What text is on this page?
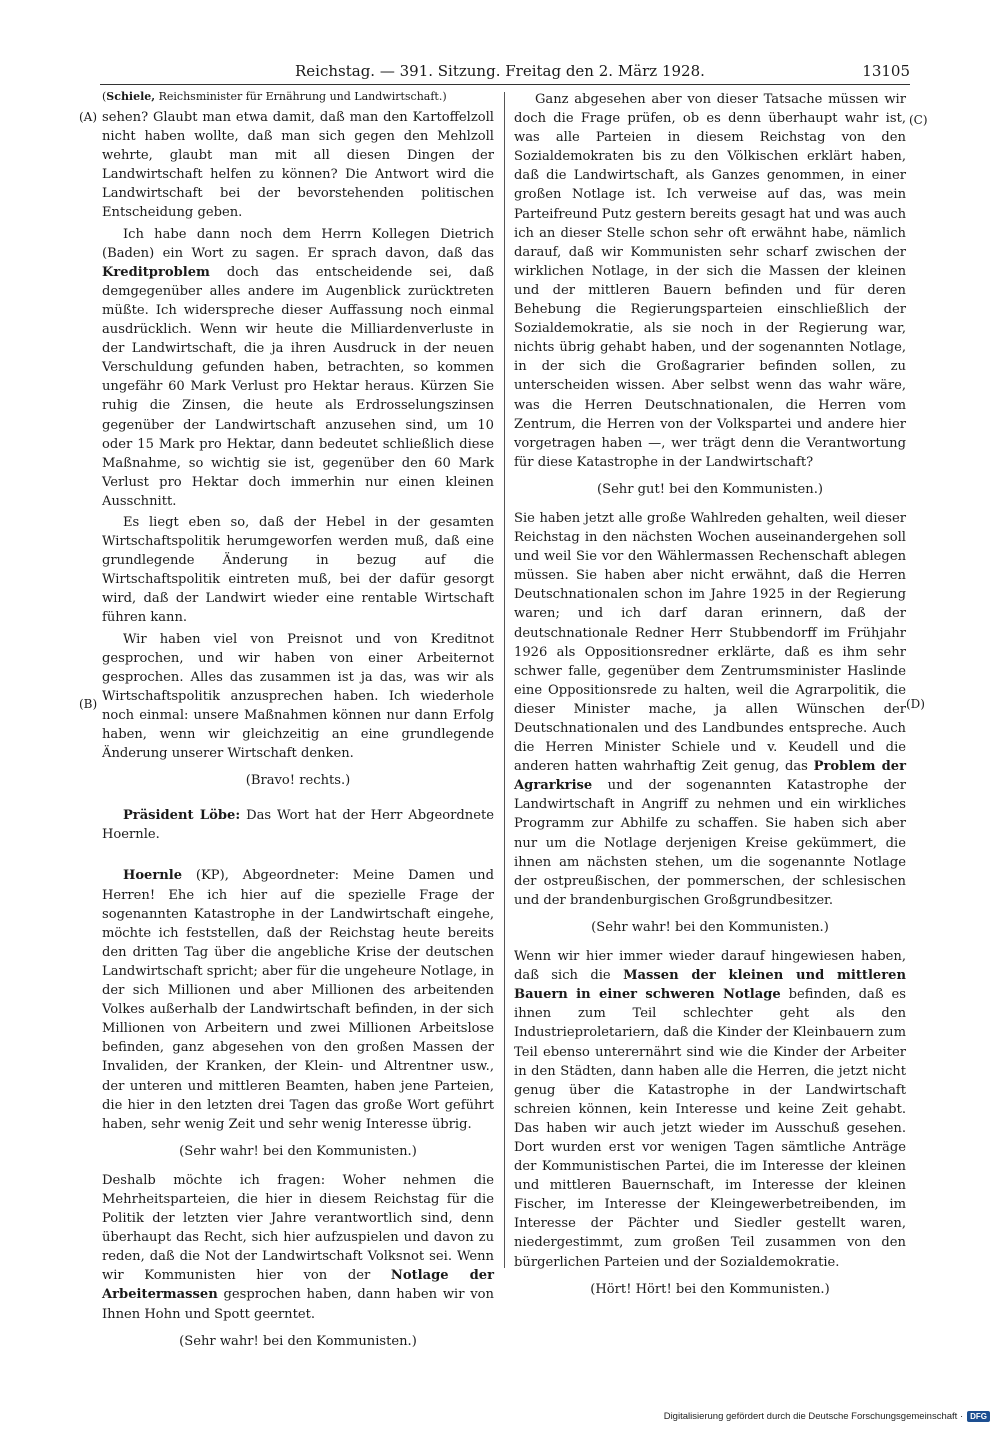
Reichstag. — 391. Sitzung. Freitag den 2. März 1928.	13105
(A)
(B)
(C)
(D)

(Schiele, Reichsminister für Ernährung und Landwirtschaft.)

sehen? Glaubt man etwa damit, daß man den Kartoffelzoll nicht haben wollte, daß man sich gegen den Mehlzoll wehrte, glaubt man mit all diesen Dingen der Landwirtschaft helfen zu können? Die Antwort wird die Landwirtschaft bei der bevorstehenden politischen Entscheidung geben.

Ich habe dann noch dem Herrn Kollegen Dietrich (Baden) ein Wort zu sagen. Er sprach davon, daß das Kreditproblem doch das entscheidende sei, daß demgegenüber alles andere im Augenblick zurücktreten müßte. Ich widerspreche dieser Auffassung noch einmal ausdrücklich. Wenn wir heute die Milliardenverluste in der Landwirtschaft, die ja ihren Ausdruck in der neuen Verschuldung gefunden haben, betrachten, so kommen ungefähr 60 Mark Verlust pro Hektar heraus. Kürzen Sie ruhig die Zinsen, die heute als Erdrosselungszinsen gegenüber der Landwirtschaft anzusehen sind, um 10 oder 15 Mark pro Hektar, dann bedeutet schließlich diese Maßnahme, so wichtig sie ist, gegenüber den 60 Mark Verlust pro Hektar doch immerhin nur einen kleinen Ausschnitt.

Es liegt eben so, daß der Hebel in der gesamten Wirtschaftspolitik herumgeworfen werden muß, daß eine grundlegende Änderung in bezug auf die Wirtschaftspolitik eintreten muß, bei der dafür gesorgt wird, daß der Landwirt wieder eine rentable Wirtschaft führen kann.

Wir haben viel von Preisnot und von Kreditnot gesprochen, und wir haben von einer Arbeiternot gesprochen. Alles das zusammen ist ja das, was wir als Wirtschaftspolitik anzusprechen haben. Ich wiederhole noch einmal: unsere Maßnahmen können nur dann Erfolg haben, wenn wir gleichzeitig an eine grundlegende Änderung unserer Wirtschaft denken.

(Bravo! rechts.)

Präsident Löbe: Das Wort hat der Herr Abgeordnete Hoernle.

Hoernle (KP), Abgeordneter: Meine Damen und Herren! Ehe ich hier auf die spezielle Frage der sogenannten Katastrophe in der Landwirtschaft eingehe, möchte ich feststellen, daß der Reichstag heute bereits den dritten Tag über die angebliche Krise der deutschen Landwirtschaft spricht; aber für die ungeheure Notlage, in der sich Millionen und aber Millionen des arbeitenden Volkes außerhalb der Landwirtschaft befinden, in der sich Millionen von Arbeitern und zwei Millionen Arbeitslose befinden, ganz abgesehen von den großen Massen der Invaliden, der Kranken, der Klein- und Altrentner usw., der unteren und mittleren Beamten, haben jene Parteien, die hier in den letzten drei Tagen das große Wort geführt haben, sehr wenig Zeit und sehr wenig Interesse übrig.

(Sehr wahr! bei den Kommunisten.)

Deshalb möchte ich fragen: Woher nehmen die Mehrheitsparteien, die hier in diesem Reichstag für die Politik der letzten vier Jahre verantwortlich sind, denn überhaupt das Recht, sich hier aufzuspielen und davon zu reden, daß die Not der Landwirtschaft Volksnot sei. Wenn wir Kommunisten hier von der Notlage der Arbeitermassen gesprochen haben, dann haben wir von Ihnen Hohn und Spott geerntet.

(Sehr wahr! bei den Kommunisten.)

Ganz abgesehen aber von dieser Tatsache müssen wir doch die Frage prüfen, ob es denn überhaupt wahr ist, was alle Parteien in diesem Reichstag von den Sozialdemokraten bis zu den Völkischen erklärt haben, daß die Landwirtschaft, als Ganzes genommen, in einer großen Notlage ist. Ich verweise auf das, was mein Parteifreund Putz gestern bereits gesagt hat und was auch ich an dieser Stelle schon sehr oft erwähnt habe, nämlich darauf, daß wir Kommunisten sehr scharf zwischen der wirklichen Notlage, in der sich die Massen der kleinen und der mittleren Bauern befinden und für deren Behebung die Regierungsparteien einschließlich der Sozialdemokratie, als sie noch in der Regierung war, nichts übrig gehabt haben, und der sogenannten Notlage, in der sich die Großagrarier befinden sollen, zu unterscheiden wissen. Aber selbst wenn das wahr wäre, was die Herren Deutschnationalen, die Herren vom Zentrum, die Herren von der Volkspartei und andere hier vorgetragen haben —, wer trägt denn die Verantwortung für diese Katastrophe in der Landwirtschaft?

(Sehr gut! bei den Kommunisten.)

Sie haben jetzt alle große Wahlreden gehalten, weil dieser Reichstag in den nächsten Wochen auseinandergehen soll und weil Sie vor den Wählermassen Rechenschaft ablegen müssen. Sie haben aber nicht erwähnt, daß die Herren Deutschnationalen schon im Jahre 1925 in der Regierung waren; und ich darf daran erinnern, daß der deutschnationale Redner Herr Stubbendorff im Frühjahr 1926 als Oppositionsredner erklärte, daß es ihm sehr schwer falle, gegenüber dem Zentrumsminister Haslinde eine Oppositionsrede zu halten, weil die Agrarpolitik, die dieser Minister mache, ja allen Wünschen der Deutschnationalen und des Landbundes entspreche. Auch die Herren Minister Schiele und v. Keudell und die anderen hatten wahrhaftig Zeit genug, das Problem der Agrarkrise und der sogenannten Katastrophe der Landwirtschaft in Angriff zu nehmen und ein wirkliches Programm zur Abhilfe zu schaffen. Sie haben sich aber nur um die Notlage derjenigen Kreise gekümmert, die ihnen am nächsten stehen, um die sogenannte Notlage der ostpreußischen, der pommerschen, der schlesischen und der brandenburgischen Großgrundbesitzer.

(Sehr wahr! bei den Kommunisten.)

Wenn wir hier immer wieder darauf hingewiesen haben, daß sich die Massen der kleinen und mittleren Bauern in einer schweren Notlage befinden, daß es ihnen zum Teil schlechter geht als den Industrieproletariern, daß die Kinder der Kleinbauern zum Teil ebenso unterernährt sind wie die Kinder der Arbeiter in den Städten, dann haben alle die Herren, die jetzt nicht genug über die Katastrophe in der Landwirtschaft schreien können, kein Interesse und keine Zeit gehabt. Das haben wir auch jetzt wieder im Ausschuß gesehen. Dort wurden erst vor wenigen Tagen sämtliche Anträge der Kommunistischen Partei, die im Interesse der kleinen und mittleren Bauernschaft, im Interesse der kleinen Fischer, im Interesse der Kleingewerbetreibenden, im Interesse der Pächter und Siedler gestellt waren, niedergestimmt, zum großen Teil zusammen von den bürgerlichen Parteien und der Sozialdemokratie.

(Hört! Hört! bei den Kommunisten.)

Digitalisierung gefördert durch die Deutsche Forschungsgemeinschaft · DFG
